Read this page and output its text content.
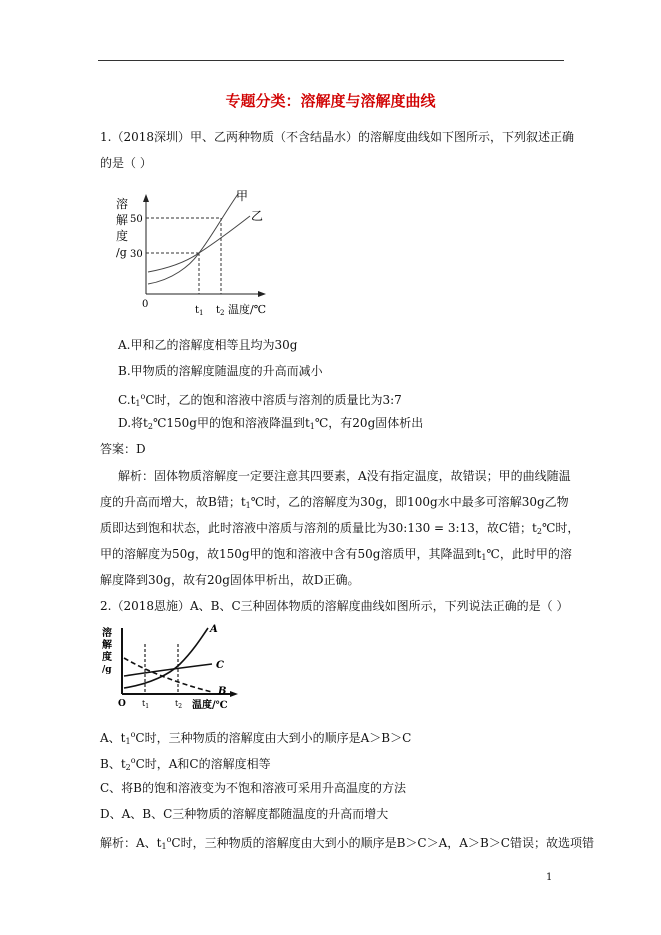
专题分类：溶解度与溶解度曲线
1.（2018深圳）甲、乙两种物质（不含结晶水）的溶解度曲线如下图所示，下列叙述正确
的是（ ）
溶
解
度
/g
50
30
0
$t_1$ $t_2$ 温度/℃
甲
乙
A.甲和乙的溶解度相等且均为30g
B.甲物质的溶解度随温度的升高而减小
$C.t_1^oC$时，乙的饱和溶液中溶质与溶剂的质量比为3:7
D.将$t_2℃150g$甲的饱和溶液降温到$t_1℃$，有20g固体析出
答案：D
解析：固体物质溶解度一定要注意其四要素，A没有指定温度，故错误；甲的曲线随温
度的升高而增大，故B错；$t_1℃$时，乙的溶解度为30g，即100g水中最多可溶解30g乙物
质即达到饱和状态，此时溶液中溶质与溶剂的质量比为30:130 = 3:13，故C错；$t_2℃$时，
甲的溶解度为50g，故150g甲的饱和溶液中含有50g溶质甲，其降温到$t_1℃$，此时甲的溶
解度降到30g，故有20g固体甲析出，故D正确。
2.（2018恩施）A、B、C三种固体物质的溶解度曲线如图所示，下列说法正确的是（ ）
溶
解
度
/g
O $t_1$	$t_2$ 温度/℃
A
C
B
A、$t_1^oC$时，三种物质的溶解度由大到小的顺序是A＞B＞C
B、$t_2^oC$时，A和C的溶解度相等
C、将B的饱和溶液变为不饱和溶液可采用升高温度的方法
D、A、B、C三种物质的溶解度都随温度的升高而增大
解析：A、$t_1^oC$时，三种物质的溶解度由大到小的顺序是B＞C＞A，A＞B＞C错误；故选项错
1
